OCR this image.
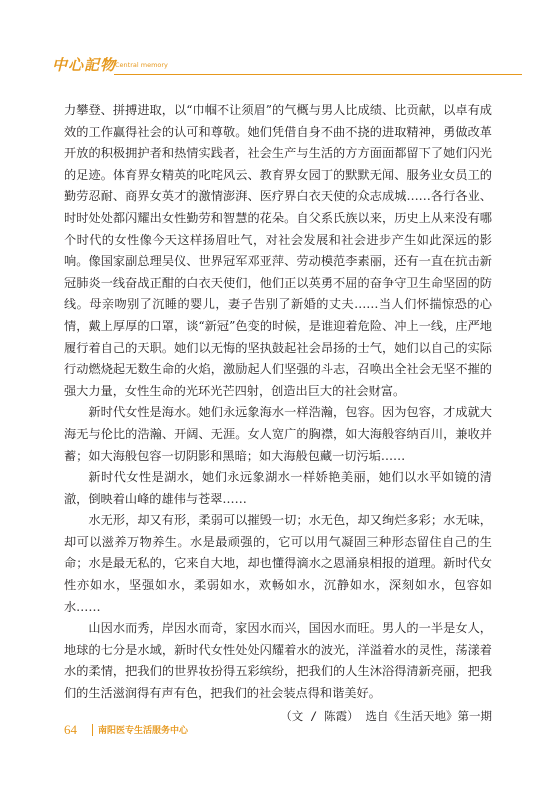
中心記物
Central memory

力攀登、拼搏进取，以“巾帼不让须眉”的气概与男人比成绩、比贡献，以卓有成效的工作赢得社会的认可和尊敬。她们凭借自身不曲不挠的进取精神，勇做改革开放的积极拥护者和热情实践者，社会生产与生活的方方面面都留下了她们闪光的足迹。体育界女精英的叱咤风云、教育界女园丁的默默无闻、服务业女员工的勤劳忍耐、商界女英才的激情澎湃、医疗界白衣天使的众志成城……各行各业、时时处处都闪耀出女性勤劳和智慧的花朵。自父系氏族以来，历史上从来没有哪个时代的女性像今天这样扬眉吐气，对社会发展和社会进步产生如此深远的影响。像国家副总理吴仪、世界冠军邓亚萍、劳动模范李素丽，还有一直在抗击新冠肺炎一线奋战正酣的白衣天使们，他们正以英勇不屈的奋争守卫生命坚固的防线。母亲吻别了沉睡的婴儿，妻子告别了新婚的丈夫……当人们怀揣惊恐的心情，戴上厚厚的口罩，谈“新冠”色变的时候，是谁迎着危险、冲上一线，庄严地履行着自己的天职。她们以无悔的坚执鼓起社会昂扬的士气，她们以自己的实际行动燃烧起无数生命的火焰，激励起人们坚强的斗志，召唤出全社会无坚不摧的强大力量，女性生命的光环光芒四射，创造出巨大的社会财富。

新时代女性是海水。她们永远象海水一样浩瀚，包容。因为包容，才成就大海无与伦比的浩瀚、开阔、无涯。女人宽广的胸襟，如大海般容纳百川，兼收并蓄；如大海般包容一切阴影和黑暗；如大海般包藏一切污垢……

新时代女性是湖水，她们永远象湖水一样娇艳美丽，她们以水平如镜的清澈，倒映着山峰的雄伟与苍翠……

水无形，却又有形，柔弱可以摧毁一切；水无色，却又绚烂多彩；水无味，却可以滋养万物养生。水是最顽强的，它可以用气凝固三种形态留住自己的生命；水是最无私的，它来自大地，却也懂得滴水之恩涌泉相报的道理。新时代女性亦如水，坚强如水，柔弱如水，欢畅如水，沉静如水，深刻如水，包容如水……

山因水而秀，岸因水而奇，家因水而兴，国因水而旺。男人的一半是女人，地球的七分是水域，新时代女性处处闪耀着水的波光，洋溢着水的灵性，荡漾着水的柔情，把我们的世界妆扮得五彩缤纷，把我们的人生沐浴得清新亮丽，把我们的生活滋润得有声有色，把我们的社会装点得和谐美好。

（文 / 陈霞） 选自《生活天地》第一期

64 南阳医专生活服务中心
